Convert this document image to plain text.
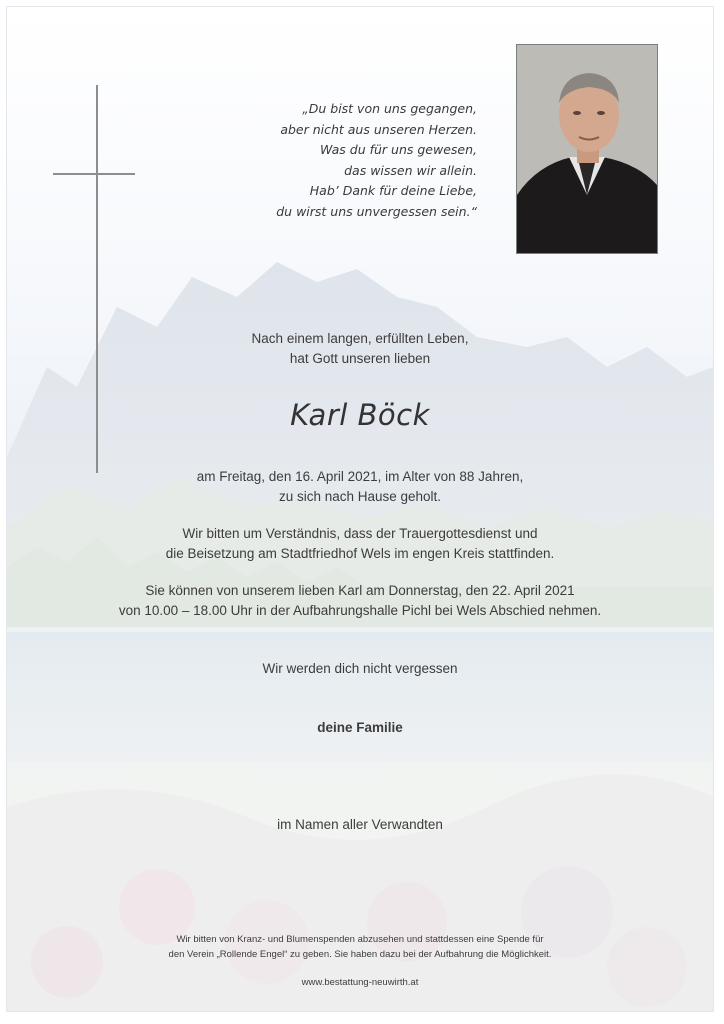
„Du bist von uns gegangen,
aber nicht aus unseren Herzen.
Was du für uns gewesen,
das wissen wir allein.
Hab’ Dank für deine Liebe,
du wirst uns unvergessen sein.“
Nach einem langen, erfüllten Leben,
hat Gott unseren lieben
Karl Böck
am Freitag, den 16. April 2021, im Alter von 88 Jahren,
zu sich nach Hause geholt.
Wir bitten um Verständnis, dass der Trauergottesdienst und
die Beisetzung am Stadtfriedhof Wels im engen Kreis stattfinden.
Sie können von unserem lieben Karl am Donnerstag, den 22. April 2021
von 10.00 – 18.00 Uhr in der Aufbahrungshalle Pichl bei Wels Abschied nehmen.
Wir werden dich nicht vergessen
deine Familie
im Namen aller Verwandten
Wir bitten von Kranz- und Blumenspenden abzusehen und stattdessen eine Spende für
den Verein „Rollende Engel“ zu geben. Sie haben dazu bei der Aufbahrung die Möglichkeit.
www.bestattung-neuwirth.at
